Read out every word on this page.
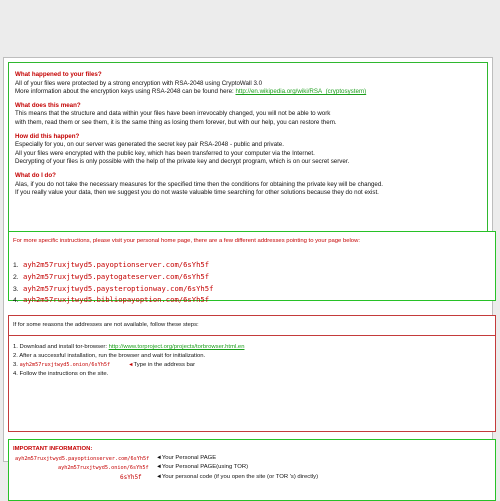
What happened to your files?
All of your files were protected by a strong encryption with RSA-2048 using CryptoWall 3.0
More information about the encryption keys using RSA-2048 can be found here: http://en.wikipedia.org/wiki/RSA_(cryptosystem)
What does this mean?
This means that the structure and data within your files have been irrevocably changed, you will not be able to work
with them, read them or see them, it is the same thing as losing them forever, but with our help, you can restore them.
How did this happen?
Especially for you, on our server was generated the secret key pair RSA-2048 - public and private.
All your files were encrypted with the public key, which has been transferred to your computer via the Internet.
Decrypting of your files is only possible with the help of the private key and decrypt program, which is on our secret server.
What do I do?
Alas, if you do not take the necessary measures for the specified time then the conditions for obtaining the private key will be changed.
If you really value your data, then we suggest you do not waste valuable time searching for other solutions because they do not exist.
For more specific instructions, please visit your personal home page, there are a few different addresses pointing to your page below:
1. ayh2m57ruxjtwyd5.payoptionserver.com/6sYh5f
2. ayh2m57ruxjtwyd5.paytogateserver.com/6sYh5f
3. ayh2m57ruxjtwyd5.paysteroptionway.com/6sYh5f
4. ayh2m57ruxjtwyd5.bibliopayoption.com/6sYh5f
If for some reasons the addresses are not available, follow these steps:
1. Download and install tor-browser: http://www.torproject.org/projects/torbrowser.html.en
2. After a successful installation, run the browser and wait for initialization.
3. ayh2m57ruxjtwyd5.onion/6sYh5f	◄Type in the address bar
4. Follow the instructions on the site.
IMPORTANT INFORMATION:
ayh2m57ruxjtwyd5.payoptionserver.com/6sYh5f ◄Your Personal PAGE
ayh2m57ruxjtwyd5.onion/6sYh5f ◄Your Personal PAGE(using TOR)
6sYh5f ◄Your personal code (if you open the site (or TOR 's) directly)
